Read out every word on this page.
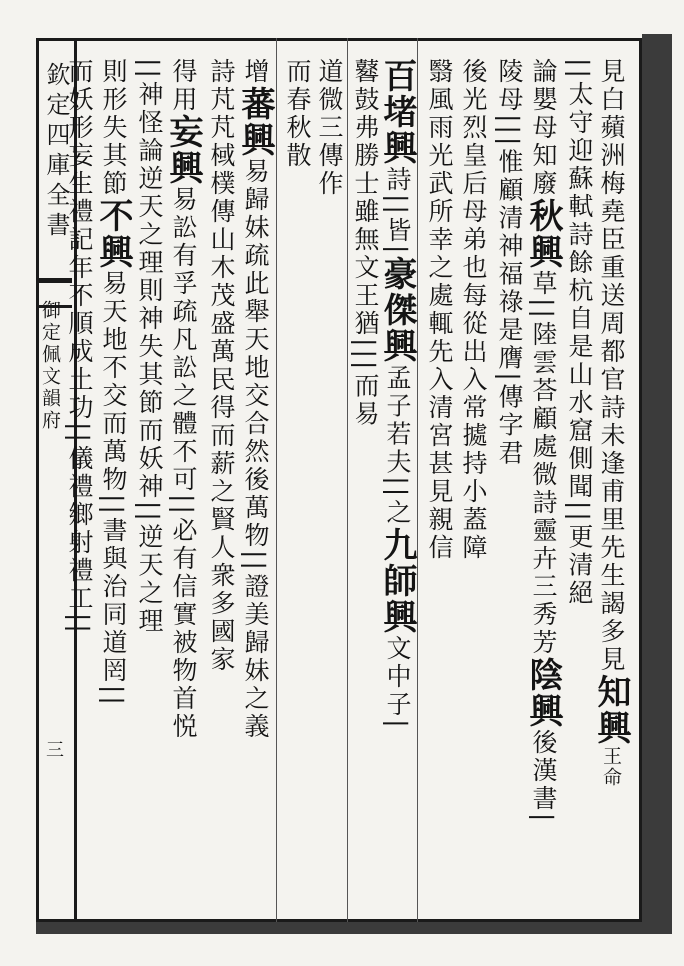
欽定四庫全書
御定佩文韻府
三
見白蘋洲梅堯臣重送周都官詩未逢甫里先生謁多見知興王命
||太守迎蘇軾詩餘杭自是山水窟側聞||更清絕
論嬰母知廢秋興草||陸雲荅顧處微詩靈卉三秀芳陰興後漢書|
陵母|||惟顧清神福祿是膺|傳字君
後光烈皇后母弟也每從出入常㨿持小蓋障
翳風雨光武所幸之處輒先入清宮甚見親信
百堵興詩||皆|豪傑興孟子若夫||之九師興文中子|
鼛鼓弗勝士雖無文王猶|||而易
道微三傳作
而春秋散
增蕃興易歸妹疏此舉天地交合然後萬物||證美歸妹之義
詩芃芃棫樸傳山木茂盛萬民得而薪之賢人衆多國家
得用妄興易訟有孚疏凡訟之體不可||必有信實被物首悦
||神怪論逆天之理則神失其節而妖神||逆天之理
則形失其節不興易天地不交而萬物||書與治同道罔||
而妖形妄生禮記年不順成土功||儀禮鄉射禮工||
